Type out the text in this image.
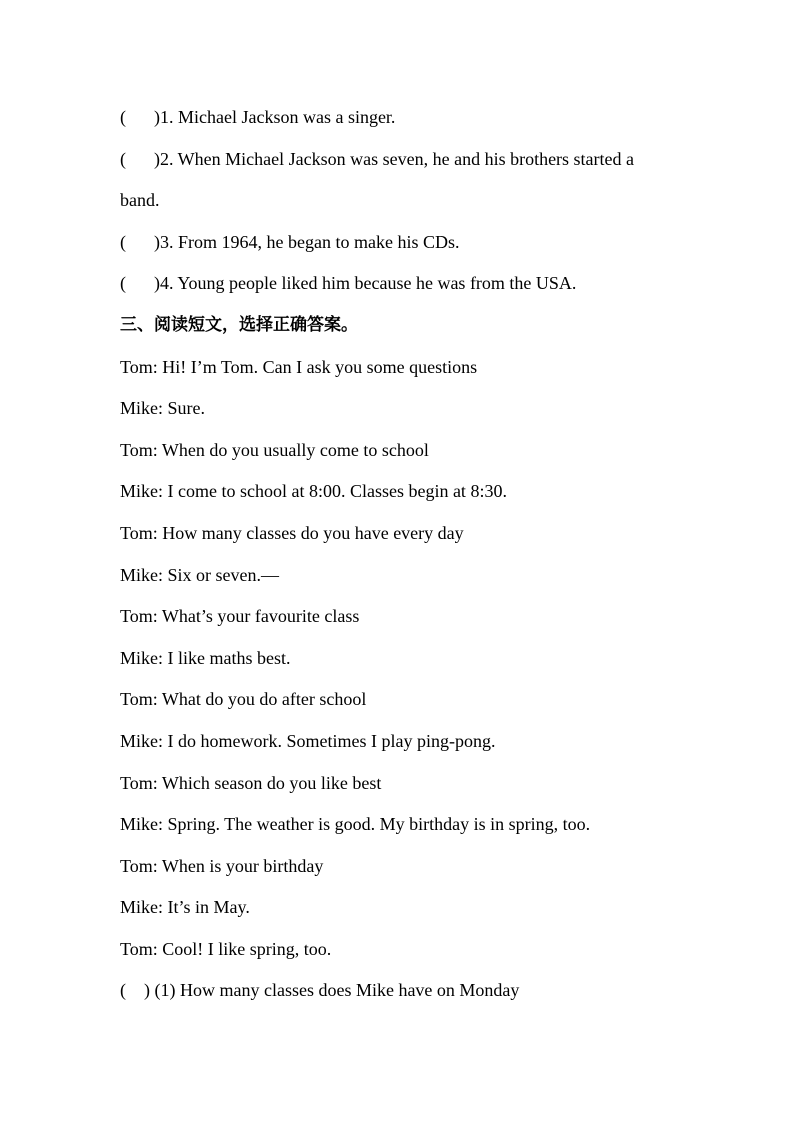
( )1. Michael Jackson was a singer.
( )2. When Michael Jackson was seven, he and his brothers started a
band.
( )3. From 1964, he began to make his CDs.
( )4. Young people liked him because he was from the USA.
三、阅读短文，选择正确答案。
Tom: Hi! I’m Tom. Can I ask you some questions
Mike: Sure.
Tom: When do you usually come to school
Mike: I come to school at 8:00. Classes begin at 8:30.
Tom: How many classes do you have every day
Mike: Six or seven.—
Tom: What’s your favourite class
Mike: I like maths best.
Tom: What do you do after school
Mike: I do homework. Sometimes I play ping-pong.
Tom: Which season do you like best
Mike: Spring. The weather is good. My birthday is in spring, too.
Tom: When is your birthday
Mike: It’s in May.
Tom: Cool! I like spring, too.
( ) (1) How many classes does Mike have on Monday
